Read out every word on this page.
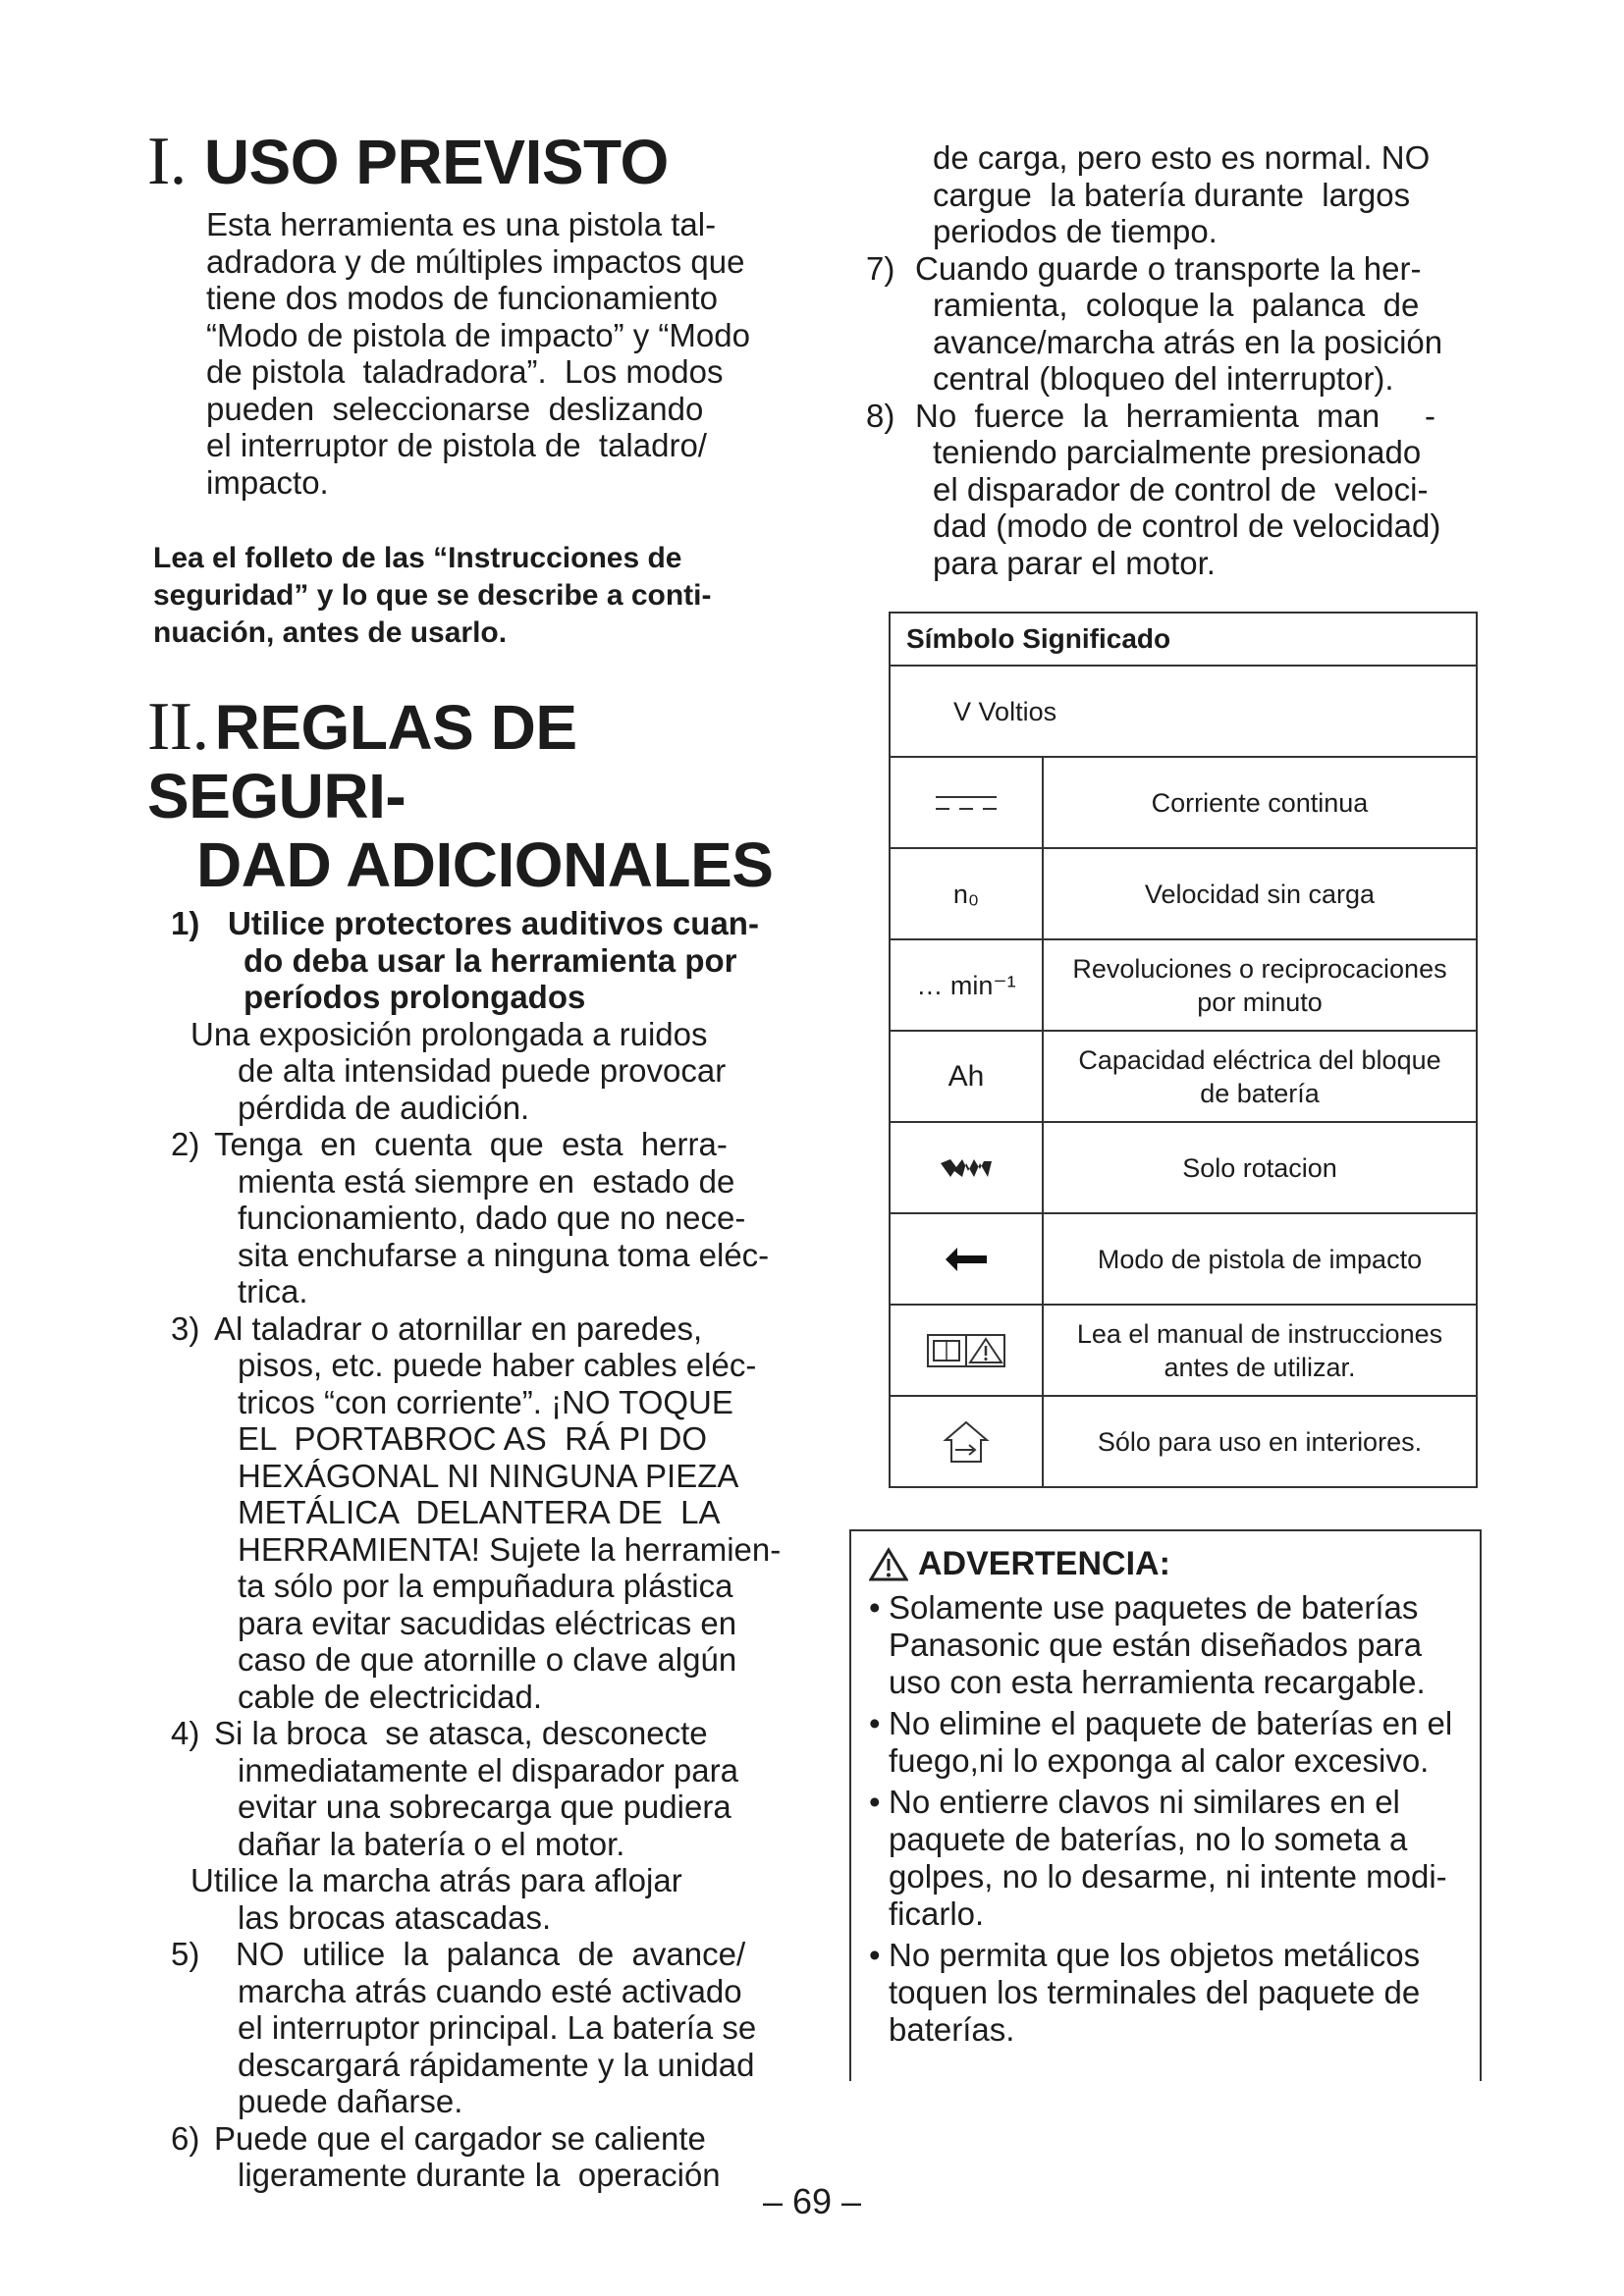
I. USO PREVISTO
Esta herramienta es una pistola tal-
adradora y de múltiples impactos que
tiene dos modos de funcionamiento
“Modo de pistola de impacto” y “Modo
de pistola  taladradora”.  Los modos
pueden  seleccionarse  deslizando
el interruptor de pistola de  taladro/
impacto.
Lea el folleto de las “Instrucciones de
seguridad” y lo que se describe a conti-
nuación, antes de usarlo.
II.REGLAS DE SEGURI-
DAD ADICIONALES
1) Utilice protectores auditivos cuan-
do deba usar la herramienta por
períodos prolongados
Una exposición prolongada a ruidos
de alta intensidad puede provocar
pérdida de audición.
2) Tenga  en  cuenta  que  esta  herra-
mienta está siempre en  estado de
funcionamiento, dado que no nece-
sita enchufarse a ninguna toma eléc-
trica.
3) Al taladrar o atornillar en paredes,
pisos, etc. puede haber cables eléc-
tricos “con corriente”. ¡NO TOQUE
EL  PORTABROC AS  RÁ PI DO
HEXÁGONAL NI NINGUNA PIEZA
METÁLICA  DELANTERA DE  LA
HERRAMIENTA! Sujete la herramien-
ta sólo por la empuñadura plástica
para evitar sacudidas eléctricas en
caso de que atornille o clave algún
cable de electricidad.
4) Si la broca  se atasca, desconecte
inmediatamente el disparador para
evitar una sobrecarga que pudiera
dañar la batería o el motor.
Utilice la marcha atrás para aflojar
las brocas atascadas.
5) NO  utilice  la  palanca  de  avance/
marcha atrás cuando esté activado
el interruptor principal. La batería se
descargará rápidamente y la unidad
puede dañarse.
6) Puede que el cargador se caliente
ligeramente durante la  operación
de carga, pero esto es normal. NO
cargue  la batería durante  largos
periodos de tiempo.
7) Cuando guarde o transporte la her-
ramienta,  coloque la  palanca  de
avance/marcha atrás en la posición
central (bloqueo del interruptor).
8) No  fuerce  la  herramienta  man     -
teniendo parcialmente presionado
el disparador de control de  veloci-
dad (modo de control de velocidad)
para parar el motor.
Símbolo Significado	
V Voltios	

	Corriente continua
n₀	Velocidad sin carga
… min⁻¹	Revoluciones o reciprocaciones
por minuto

Ah	Capacidad eléctrica del bloque
de batería

	Solo rotacion

	Modo de pistola de impacto

Lea el manual de instrucciones
antes de utilizar.

	Sólo para uso en interiores.
ADVERTENCIA:
• Solamente use paquetes de baterías
Panasonic que están diseñados para
uso con esta herramienta recargable.
• No elimine el paquete de baterías en el
fuego,ni lo exponga al calor excesivo.
• No entierre clavos ni similares en el
paquete de baterías, no lo someta a
golpes, no lo desarme, ni intente modi-
ficarlo.
• No permita que los objetos metálicos
toquen los terminales del paquete de
baterías.
– 69 –
